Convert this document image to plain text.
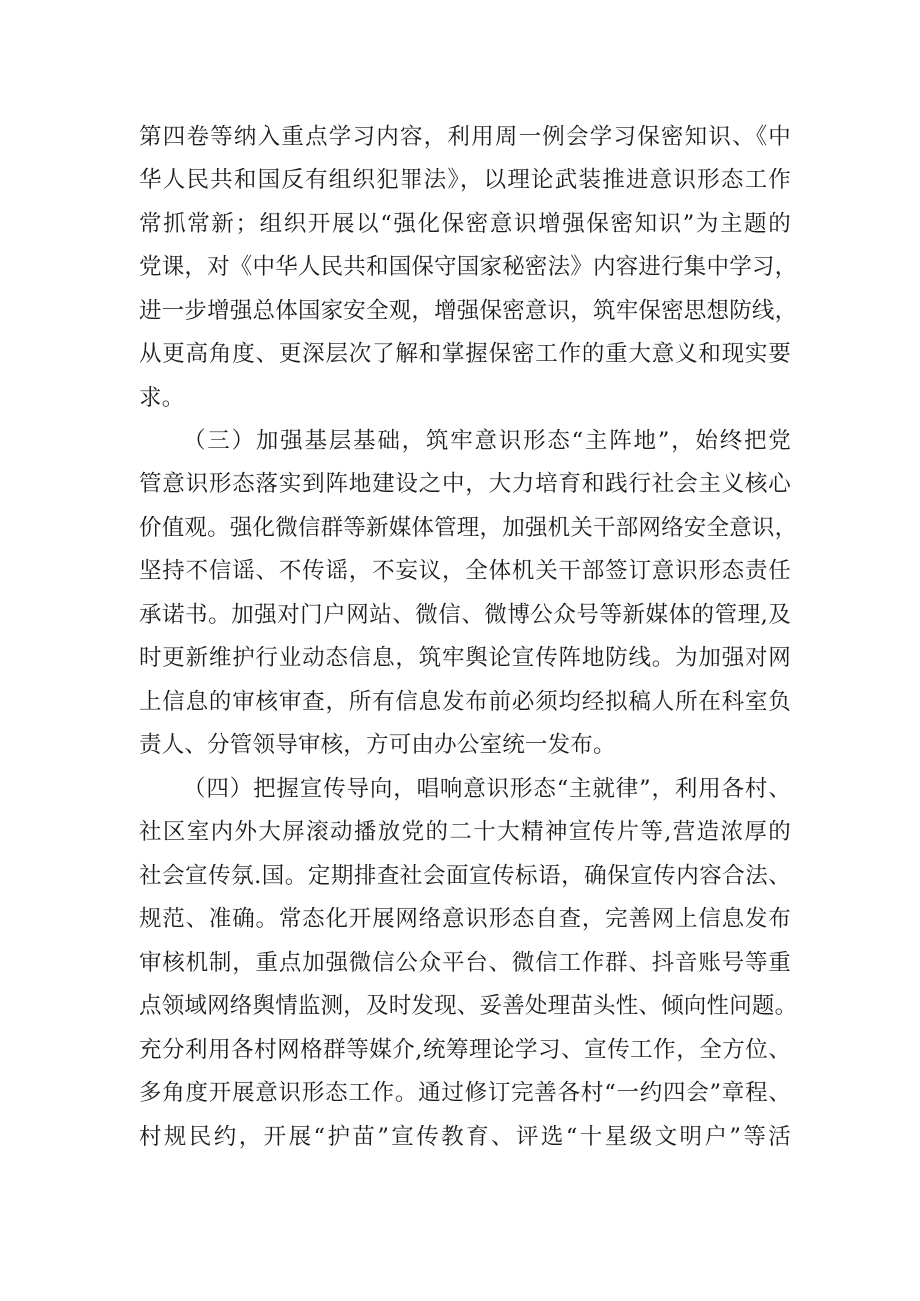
第四卷等纳入重点学习内容，利用周一例会学习保密知识、《中
华人民共和国反有组织犯罪法》，以理论武装推进意识形态工作
常抓常新；组织开展以“强化保密意识增强保密知识”为主题的
党课，对《中华人民共和国保守国家秘密法》内容进行集中学习，
进一步增强总体国家安全观，增强保密意识，筑牢保密思想防线，
从更高角度、更深层次了解和掌握保密工作的重大意义和现实要
求。
（三）加强基层基础，筑牢意识形态“主阵地”，始终把党
管意识形态落实到阵地建设之中，大力培育和践行社会主义核心
价值观。强化微信群等新媒体管理，加强机关干部网络安全意识，
坚持不信谣、不传谣，不妄议，全体机关干部签订意识形态责任
承诺书。加强对门户网站、微信、微博公众号等新媒体的管理,及
时更新维护行业动态信息，筑牢舆论宣传阵地防线。为加强对网
上信息的审核审查，所有信息发布前必须均经拟稿人所在科室负
责人、分管领导审核，方可由办公室统一发布。
（四）把握宣传导向，唱响意识形态“主就律”，利用各村、
社区室内外大屏滚动播放党的二十大精神宣传片等,营造浓厚的
社会宣传氛.国。定期排查社会面宣传标语，确保宣传内容合法、
规范、准确。常态化开展网络意识形态自查，完善网上信息发布
审核机制，重点加强微信公众平台、微信工作群、抖音账号等重
点领域网络舆情监测，及时发现、妥善处理苗头性、倾向性问题。
充分利用各村网格群等媒介,统筹理论学习、宣传工作，全方位、
多角度开展意识形态工作。通过修订完善各村“一约四会”章程、
村规民约，开展“护苗”宣传教育、评选“十星级文明户”等活
